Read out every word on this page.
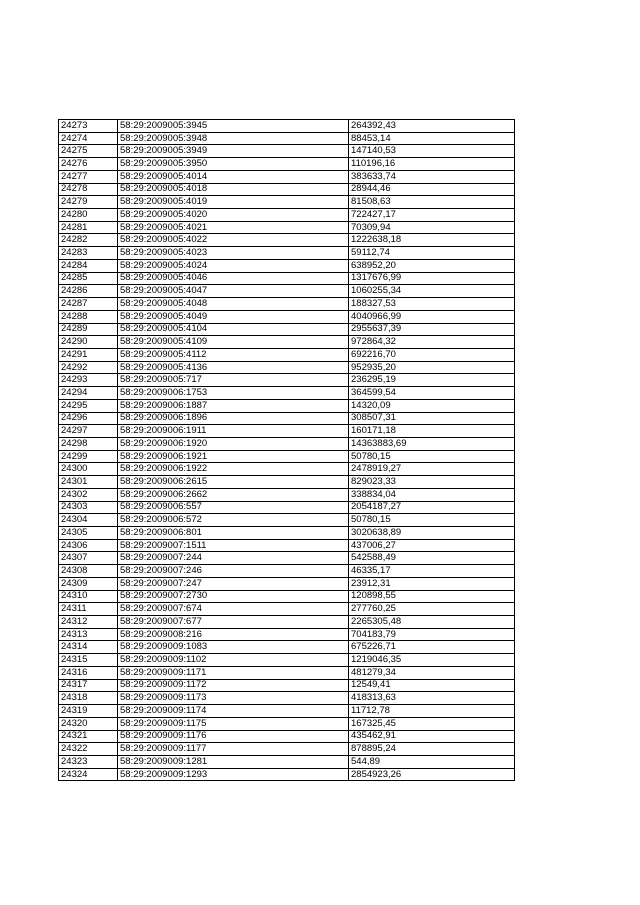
24273	58:29:2009005:3945	264392,43
24274	58:29:2009005:3948	88453,14
24275	58:29:2009005:3949	147140,53
24276	58:29:2009005:3950	110196,16
24277	58:29:2009005:4014	383633,74
24278	58:29:2009005:4018	28944,46
24279	58:29:2009005:4019	81508,63
24280	58:29:2009005:4020	722427,17
24281	58:29:2009005:4021	70309,94
24282	58:29:2009005:4022	1222638,18
24283	58:29:2009005:4023	59112,74
24284	58:29:2009005:4024	638952,20
24285	58:29:2009005:4046	1317676,99
24286	58:29:2009005:4047	1060255,34
24287	58:29:2009005:4048	188327,53
24288	58:29:2009005:4049	4040966,99
24289	58:29:2009005:4104	2955637,39
24290	58:29:2009005:4109	972864,32
24291	58:29:2009005:4112	692216,70
24292	58:29:2009005:4136	952935,20
24293	58:29:2009005:717	236295,19
24294	58:29:2009006:1753	364599,54
24295	58:29:2009006:1887	14320,09
24296	58:29:2009006:1896	308507,31
24297	58:29:2009006:1911	160171,18
24298	58:29:2009006:1920	14363883,69
24299	58:29:2009006:1921	50780,15
24300	58:29:2009006:1922	2478919,27
24301	58:29:2009006:2615	829023,33
24302	58:29:2009006:2662	338834,04
24303	58:29:2009006:557	2054187,27
24304	58:29:2009006:572	50780,15
24305	58:29:2009006:801	3020638,89
24306	58:29:2009007:1511	437006,27
24307	58:29:2009007:244	542588,49
24308	58:29:2009007:246	46335,17
24309	58:29:2009007:247	23912,31
24310	58:29:2009007:2730	120898,55
24311	58:29:2009007:674	277760,25
24312	58:29:2009007:677	2265305,48
24313	58:29:2009008:216	704183,79
24314	58:29:2009009:1083	675226,71
24315	58:29:2009009:1102	1219046,35
24316	58:29:2009009:1171	481279,34
24317	58:29:2009009:1172	12549,41
24318	58:29:2009009:1173	418313,63
24319	58:29:2009009:1174	11712,78
24320	58:29:2009009:1175	167325,45
24321	58:29:2009009:1176	435462,91
24322	58:29:2009009:1177	878895,24
24323	58:29:2009009:1281	544,89
24324	58:29:2009009:1293	2854923,26
